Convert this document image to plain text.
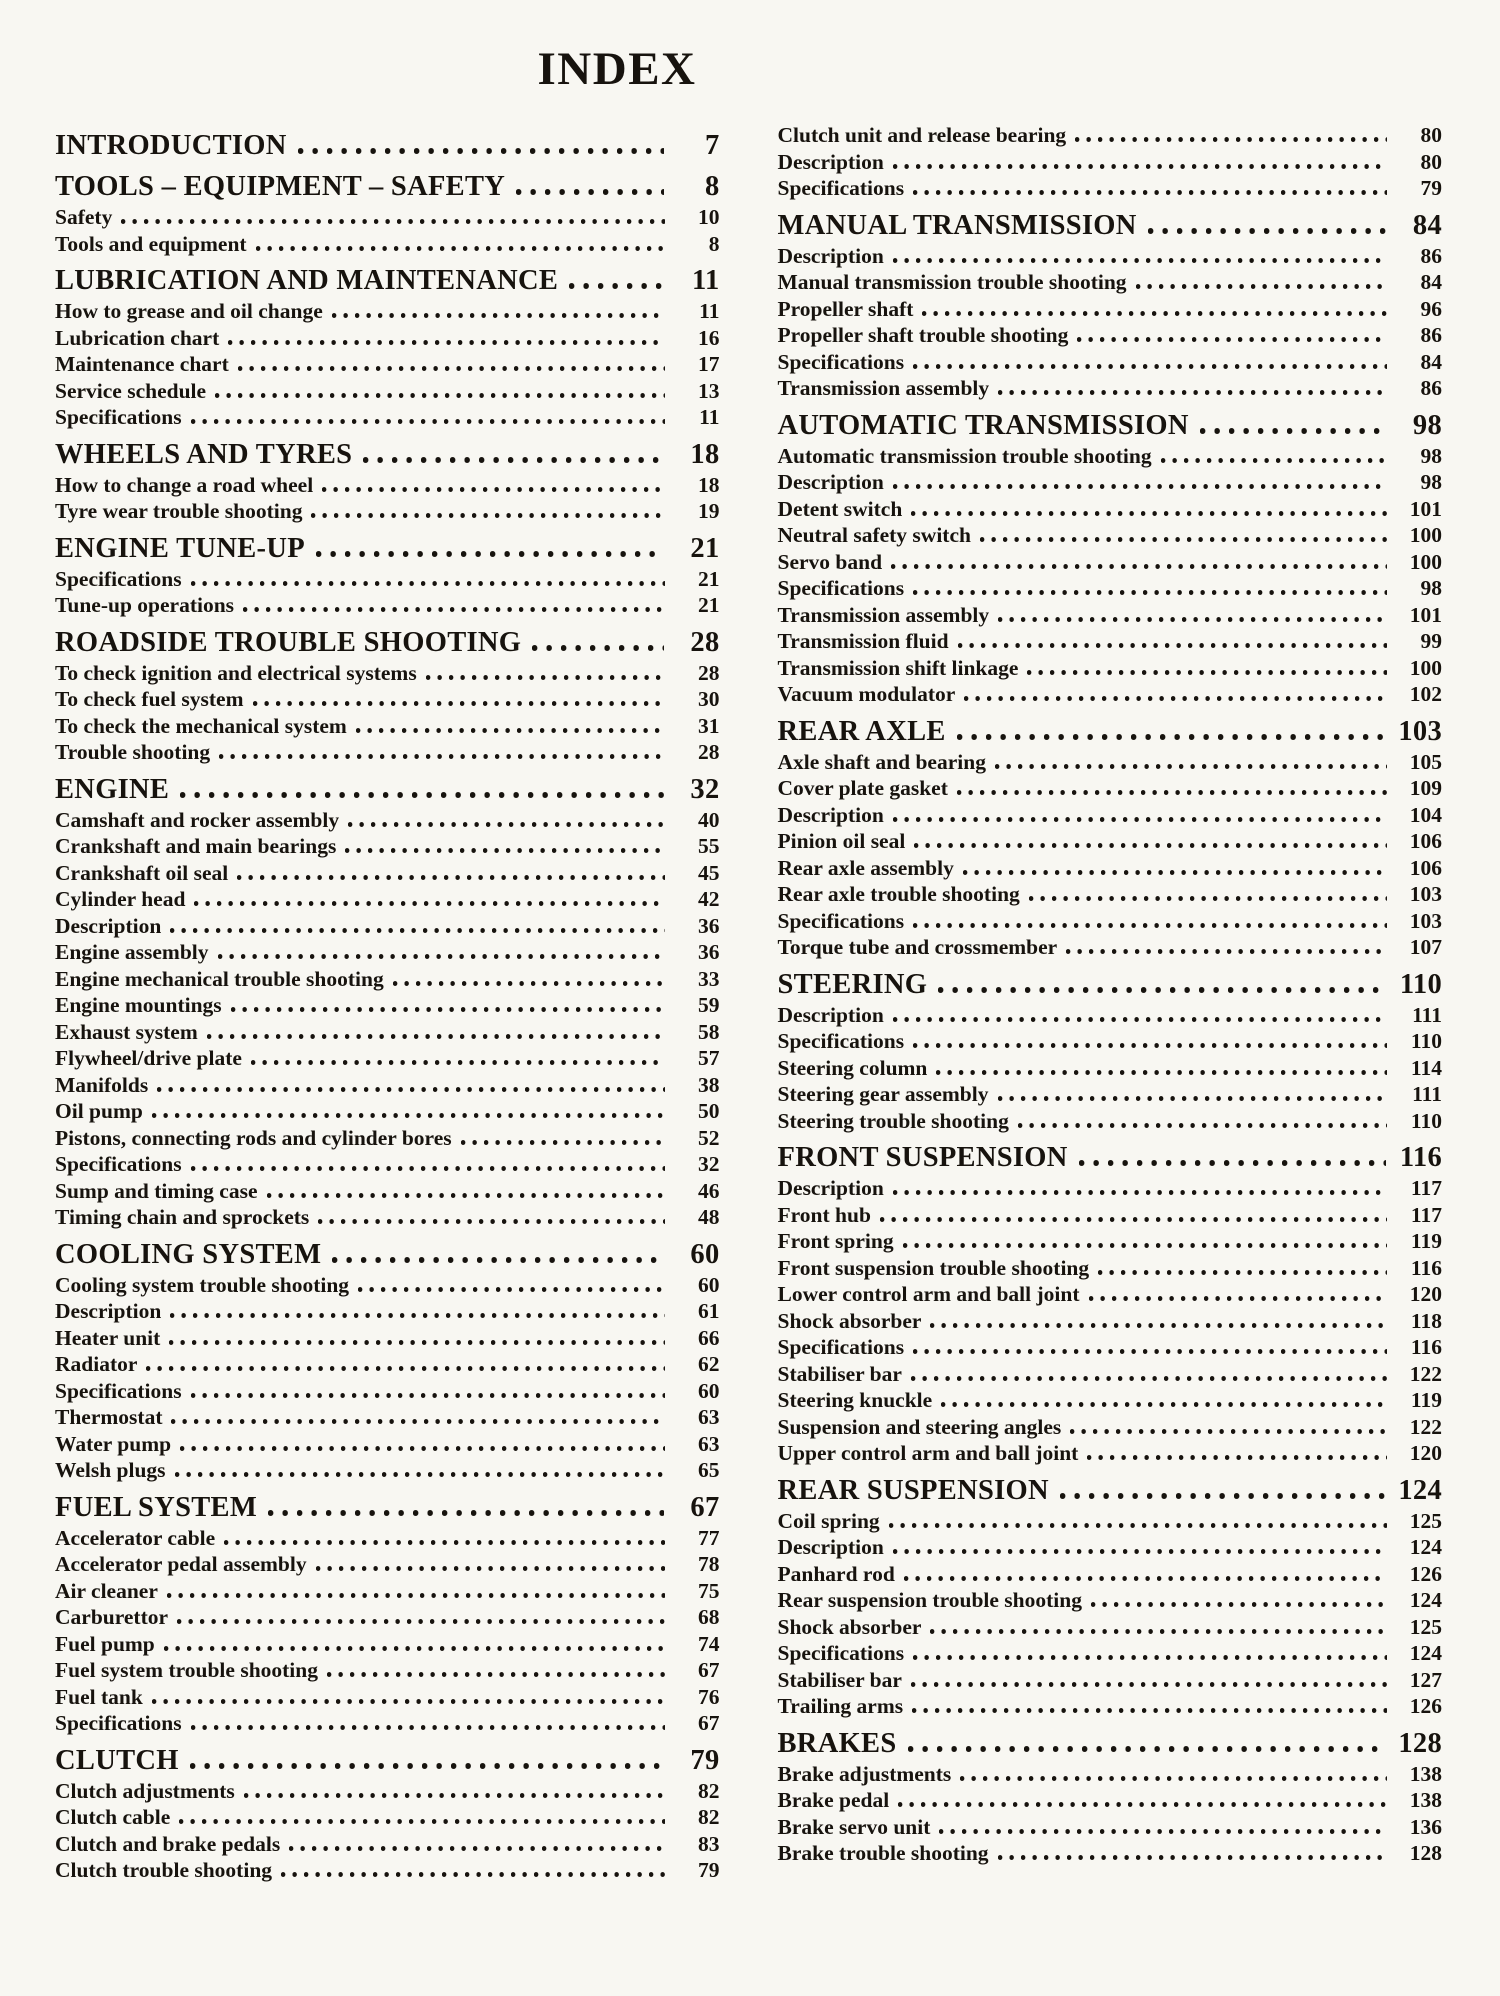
INDEX
INTRODUCTION	7
TOOLS – EQUIPMENT – SAFETY	8
Safety	10
Tools and equipment	8
LUBRICATION AND MAINTENANCE	11
How to grease and oil change	11
Lubrication chart	16
Maintenance chart	17
Service schedule	13
Specifications	11
WHEELS AND TYRES	18
How to change a road wheel	18
Tyre wear trouble shooting	19
ENGINE TUNE-UP	21
Specifications	21
Tune-up operations	21
ROADSIDE TROUBLE SHOOTING	28
To check ignition and electrical systems	28
To check fuel system	30
To check the mechanical system	31
Trouble shooting	28
ENGINE	32
Camshaft and rocker assembly	40
Crankshaft and main bearings	55
Crankshaft oil seal	45
Cylinder head	42
Description	36
Engine assembly	36
Engine mechanical trouble shooting	33
Engine mountings	59
Exhaust system	58
Flywheel/drive plate	57
Manifolds	38
Oil pump	50
Pistons, connecting rods and cylinder bores	52
Specifications	32
Sump and timing case	46
Timing chain and sprockets	48
COOLING SYSTEM	60
Cooling system trouble shooting	60
Description	61
Heater unit	66
Radiator	62
Specifications	60
Thermostat	63
Water pump	63
Welsh plugs	65
FUEL SYSTEM	67
Accelerator cable	77
Accelerator pedal assembly	78
Air cleaner	75
Carburettor	68
Fuel pump	74
Fuel system trouble shooting	67
Fuel tank	76
Specifications	67
CLUTCH	79
Clutch adjustments	82
Clutch cable	82
Clutch and brake pedals	83
Clutch trouble shooting	79
Clutch unit and release bearing	80
Description	80
Specifications	79
MANUAL TRANSMISSION	84
Description	86
Manual transmission trouble shooting	84
Propeller shaft	96
Propeller shaft trouble shooting	86
Specifications	84
Transmission assembly	86
AUTOMATIC TRANSMISSION	98
Automatic transmission trouble shooting	98
Description	98
Detent switch	101
Neutral safety switch	100
Servo band	100
Specifications	98
Transmission assembly	101
Transmission fluid	99
Transmission shift linkage	100
Vacuum modulator	102
REAR AXLE	103
Axle shaft and bearing	105
Cover plate gasket	109
Description	104
Pinion oil seal	106
Rear axle assembly	106
Rear axle trouble shooting	103
Specifications	103
Torque tube and crossmember	107
STEERING	110
Description	111
Specifications	110
Steering column	114
Steering gear assembly	111
Steering trouble shooting	110
FRONT SUSPENSION	116
Description	117
Front hub	117
Front spring	119
Front suspension trouble shooting	116
Lower control arm and ball joint	120
Shock absorber	118
Specifications	116
Stabiliser bar	122
Steering knuckle	119
Suspension and steering angles	122
Upper control arm and ball joint	120
REAR SUSPENSION	124
Coil spring	125
Description	124
Panhard rod	126
Rear suspension trouble shooting	124
Shock absorber	125
Specifications	124
Stabiliser bar	127
Trailing arms	126
BRAKES	128
Brake adjustments	138
Brake pedal	138
Brake servo unit	136
Brake trouble shooting	128
